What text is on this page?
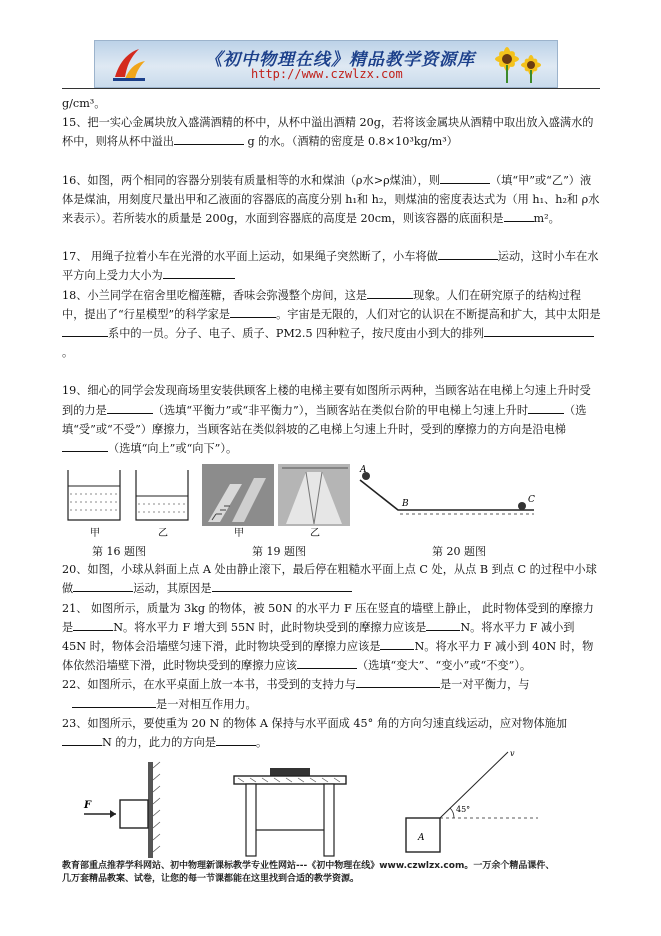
《初中物理在线》精品教学资源库
http://www.czwlzx.com

g/cm³。

15、把一实心金属块放入盛满酒精的杯中，从杯中溢出酒精 20g，若将该金属块从酒精中取出放入盛满水的杯中，则将从杯中溢出	g 的水。（酒精的密度是 0.8×10³kg/m³）

16、如图，两个相同的容器分别装有质量相等的水和煤油（ρ水>ρ煤油），则	（填“甲”或“乙”）液体是煤油，用刻度尺量出甲和乙液面的容器底的高度分别 h₁和 h₂，则煤油的密度表达式为（用 h₁、h₂和 ρ水来表示）。若所装水的质量是 200g，水面到容器底的高度是 20cm，则该容器的底面积是	m²。

17、 用绳子拉着小车在光滑的水平面上运动，如果绳子突然断了，小车将做	运动，这时小车在水平方向上受力大小为

18、小兰同学在宿舍里吃榴莲糖，香味会弥漫整个房间，这是	现象。人们在研究原子的结构过程中，提出了“行星模型”的科学家是	。宇宙是无限的，人们对它的认识在不断提高和扩大，其中太阳是系中的一员。分子、电子、质子、PM2.5 四种粒子，按尺度由小到大的排列。

19、细心的同学会发现商场里安装供顾客上楼的电梯主要有如图所示两种，当顾客站在电梯上匀速上升时受到的力是	（选填“平衡力”或“非平衡力”），当顾客站在类似台阶的甲电梯上匀速上升时	（选填“受”或“不受”）摩擦力，当顾客站在类似斜坡的乙电梯上匀速上升时，受到的摩擦力的方向是沿电梯（选填“向上”或“向下”）。

甲	乙	甲	乙
A
B	C
第 16 题图	第 19 题图	第 20 题图

20、如图，小球从斜面上点 A 处由静止滚下，最后停在粗糙水平面上点 C 处，从点 B 到点 C 的过程中小球做	运动，其原因是

21、 如图所示，质量为 3kg 的物体，被 50N 的水平力 F 压在竖直的墙壁上静止， 此时物体受到的摩擦力是	N。将水平力 F 增大到 55N 时，此时物块受到的摩擦力应该是	N。将水平力 F 减小到 45N 时，物体会沿墙壁匀速下滑，此时物块受到的摩擦力应该是	N。将水平力 F 减小到 40N 时，物体依然沿墙壁下滑，此时物块受到的摩擦力应该	（选填“变大”、“变小”或“不变”）。

22、如图所示，在水平桌面上放一本书，书受到的支持力与	是一对平衡力，与
是一对相互作用力。

23、如图所示，要使重为 20 N 的物体 A 保持与水平面成 45° 角的方向匀速直线运动，应对物体施加
N 的力，此力的方向是	。

F
A
45°
v
教育部重点推荐学科网站、初中物理新课标教学专业性网站---《初中物理在线》www.czwlzx.com。一万余个精品课件、
几万套精品教案、试卷，让您的每一节课都能在这里找到合适的教学资源。
